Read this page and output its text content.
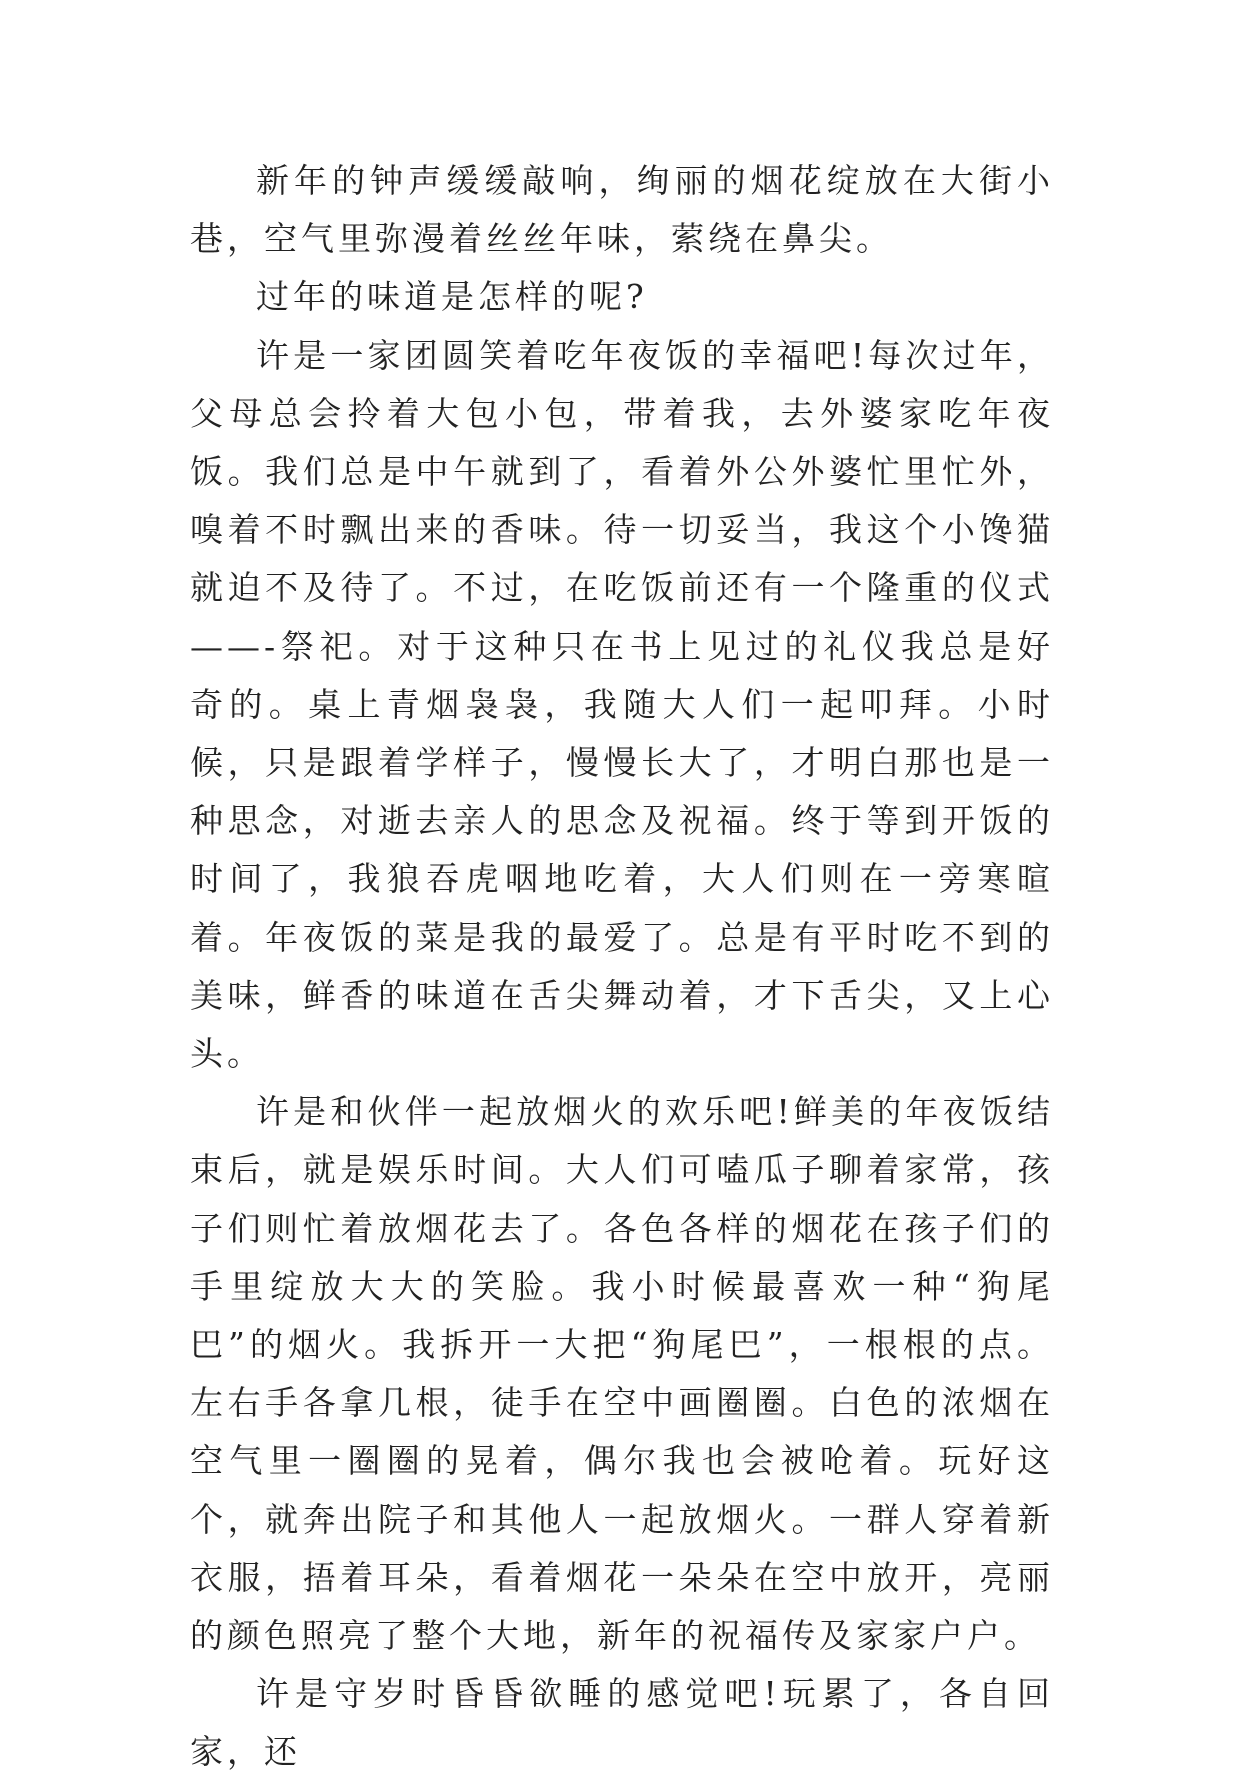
新年的钟声缓缓敲响，绚丽的烟花绽放在大街小巷，空气里弥漫着丝丝年味，萦绕在鼻尖。

过年的味道是怎样的呢?

许是一家团圆笑着吃年夜饭的幸福吧!每次过年，父母总会拎着大包小包，带着我，去外婆家吃年夜饭。我们总是中午就到了，看着外公外婆忙里忙外，嗅着不时飘出来的香味。待一切妥当，我这个小馋猫就迫不及待了。不过，在吃饭前还有一个隆重的仪式——-祭祀。对于这种只在书上见过的礼仪我总是好奇的。桌上青烟袅袅，我随大人们一起叩拜。小时候，只是跟着学样子，慢慢长大了，才明白那也是一种思念，对逝去亲人的思念及祝福。终于等到开饭的时间了，我狼吞虎咽地吃着，大人们则在一旁寒暄着。年夜饭的菜是我的最爱了。总是有平时吃不到的美味，鲜香的味道在舌尖舞动着，才下舌尖，又上心头。

许是和伙伴一起放烟火的欢乐吧!鲜美的年夜饭结束后，就是娱乐时间。大人们可嗑瓜子聊着家常，孩子们则忙着放烟花去了。各色各样的烟花在孩子们的手里绽放大大的笑脸。我小时候最喜欢一种“狗尾巴”的烟火。我拆开一大把“狗尾巴”，一根根的点。左右手各拿几根，徒手在空中画圈圈。白色的浓烟在空气里一圈圈的晃着，偶尔我也会被呛着。玩好这个，就奔出院子和其他人一起放烟火。一群人穿着新衣服，捂着耳朵，看着烟花一朵朵在空中放开，亮丽的颜色照亮了整个大地，新年的祝福传及家家户户。

许是守岁时昏昏欲睡的感觉吧!玩累了，各自回家，还
